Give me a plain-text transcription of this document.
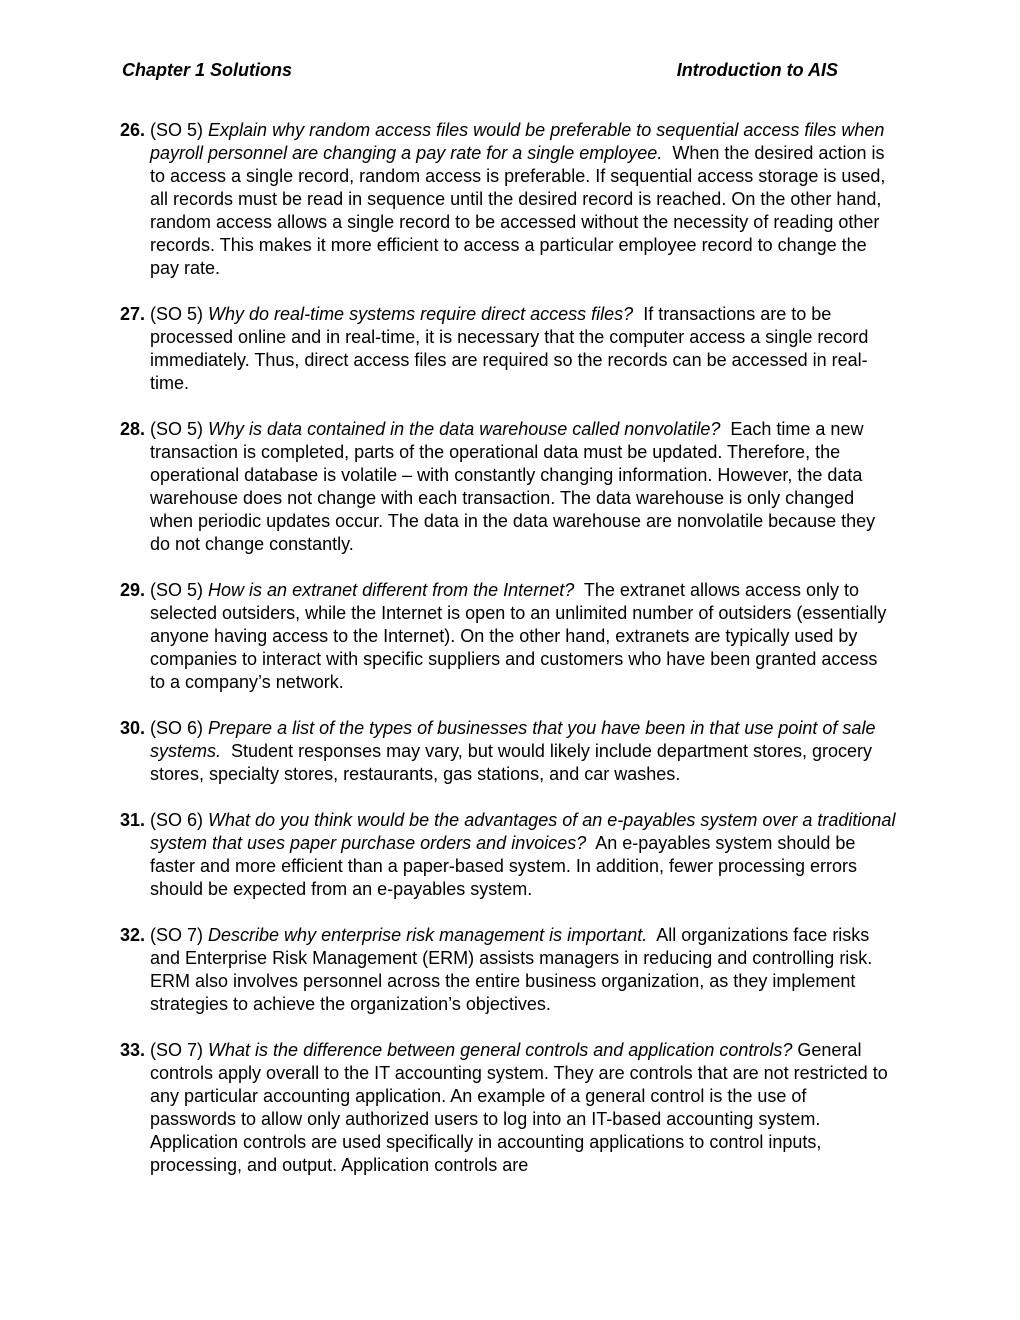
Chapter 1 Solutions	Introduction to AIS
26. (SO 5) Explain why random access files would be preferable to sequential access files when payroll personnel are changing a pay rate for a single employee. When the desired action is to access a single record, random access is preferable. If sequential access storage is used, all records must be read in sequence until the desired record is reached. On the other hand, random access allows a single record to be accessed without the necessity of reading other records. This makes it more efficient to access a particular employee record to change the pay rate.
27. (SO 5) Why do real-time systems require direct access files? If transactions are to be processed online and in real-time, it is necessary that the computer access a single record immediately. Thus, direct access files are required so the records can be accessed in real-time.
28. (SO 5) Why is data contained in the data warehouse called nonvolatile? Each time a new transaction is completed, parts of the operational data must be updated. Therefore, the operational database is volatile – with constantly changing information. However, the data warehouse does not change with each transaction. The data warehouse is only changed when periodic updates occur. The data in the data warehouse are nonvolatile because they do not change constantly.
29. (SO 5) How is an extranet different from the Internet? The extranet allows access only to selected outsiders, while the Internet is open to an unlimited number of outsiders (essentially anyone having access to the Internet). On the other hand, extranets are typically used by companies to interact with specific suppliers and customers who have been granted access to a company’s network.
30. (SO 6) Prepare a list of the types of businesses that you have been in that use point of sale systems. Student responses may vary, but would likely include department stores, grocery stores, specialty stores, restaurants, gas stations, and car washes.
31. (SO 6) What do you think would be the advantages of an e-payables system over a traditional system that uses paper purchase orders and invoices? An e-payables system should be faster and more efficient than a paper-based system. In addition, fewer processing errors should be expected from an e-payables system.
32. (SO 7) Describe why enterprise risk management is important. All organizations face risks and Enterprise Risk Management (ERM) assists managers in reducing and controlling risk. ERM also involves personnel across the entire business organization, as they implement strategies to achieve the organization’s objectives.
33. (SO 7) What is the difference between general controls and application controls? General controls apply overall to the IT accounting system. They are controls that are not restricted to any particular accounting application. An example of a general control is the use of passwords to allow only authorized users to log into an IT-based accounting system. Application controls are used specifically in accounting applications to control inputs, processing, and output. Application controls are
